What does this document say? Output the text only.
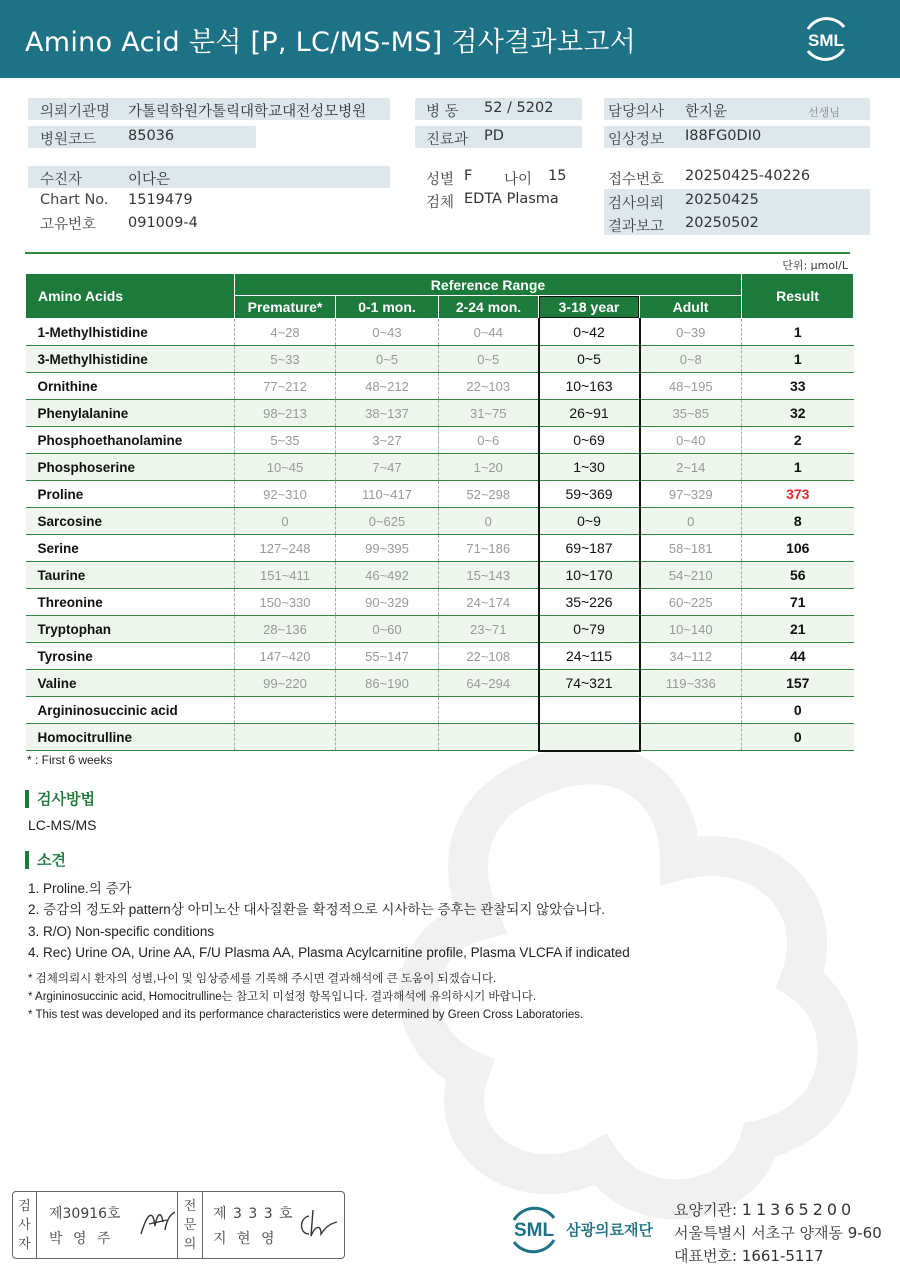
Amino Acid 분석 [P, LC/MS-MS] 검사결과보고서	SML
의뢰기관명 가톨릭학원가톨릭대학교대전성모병원
병원코드 85036
수진자	이다은
Chart No. 1519479
고유번호 091009-4
병 동 52 / 5202
진료과 PD
성별 F 나이 15
검체 EDTA Plasma
담당의사 한지윤	선생님
임상정보 I88FG0DI0
접수번호 20250425-40226
검사의뢰 20250425
결과보고 20250502
단위: μmol/L
Amino Acids	Reference Range					Result
	Premature*	0-1 mon.	2-24 mon.	3-18 year	Adult	
1-Methylhistidine	4~28	0~43	0~44	0~42	0~39	1
3-Methylhistidine	5~33	0~5	0~5	0~5	0~8	1
Ornithine	77~212	48~212	22~103	10~163	48~195	33
Phenylalanine	98~213	38~137	31~75	26~91	35~85	32
Phosphoethanolamine	5~35	3~27	0~6	0~69	0~40	2
Phosphoserine	10~45	7~47	1~20	1~30	2~14	1
Proline	92~310	110~417	52~298	59~369	97~329	373
Sarcosine	0	0~625	0	0~9	0	8
Serine	127~248	99~395	71~186	69~187	58~181	106
Taurine	151~411	46~492	15~143	10~170	54~210	56
Threonine	150~330	90~329	24~174	35~226	60~225	71
Tryptophan	28~136	0~60	23~71	0~79	10~140	21
Tyrosine	147~420	55~147	22~108	24~115	34~112	44
Valine	99~220	86~190	64~294	74~321	119~336	157
Argininosuccinic acid						0
Homocitrulline						0
* : First 6 weeks
검사방법
LC-MS/MS
소견
1. Proline.의 증가
2. 증감의 정도와 pattern상 아미노산 대사질환을 확정적으로 시사하는 증후는 관찰되지 않았습니다.
3. R/O) Non-specific conditions
4. Rec) Urine OA, Urine AA, F/U Plasma AA, Plasma Acylcarnitine profile, Plasma VLCFA if indicated
* 검체의뢰시 환자의 성별,나이 및 임상증세를 기록해 주시면 결과해석에 큰 도움이 되겠습니다.
* Argininosuccinic acid, Homocitrulline는 참고치 미설정 항목입니다. 결과해석에 유의하시기 바랍니다.
* This test was developed and its performance characteristics were determined by Green Cross Laboratories.
검
사
자
제30916호
박 영 주
전
문
의
제 3 3 3 호
지 현 영	SML 삼광의료재단
요양기관: 11365200
서울특별시 서초구 양재동 9-60
대표번호: 1661-5117
